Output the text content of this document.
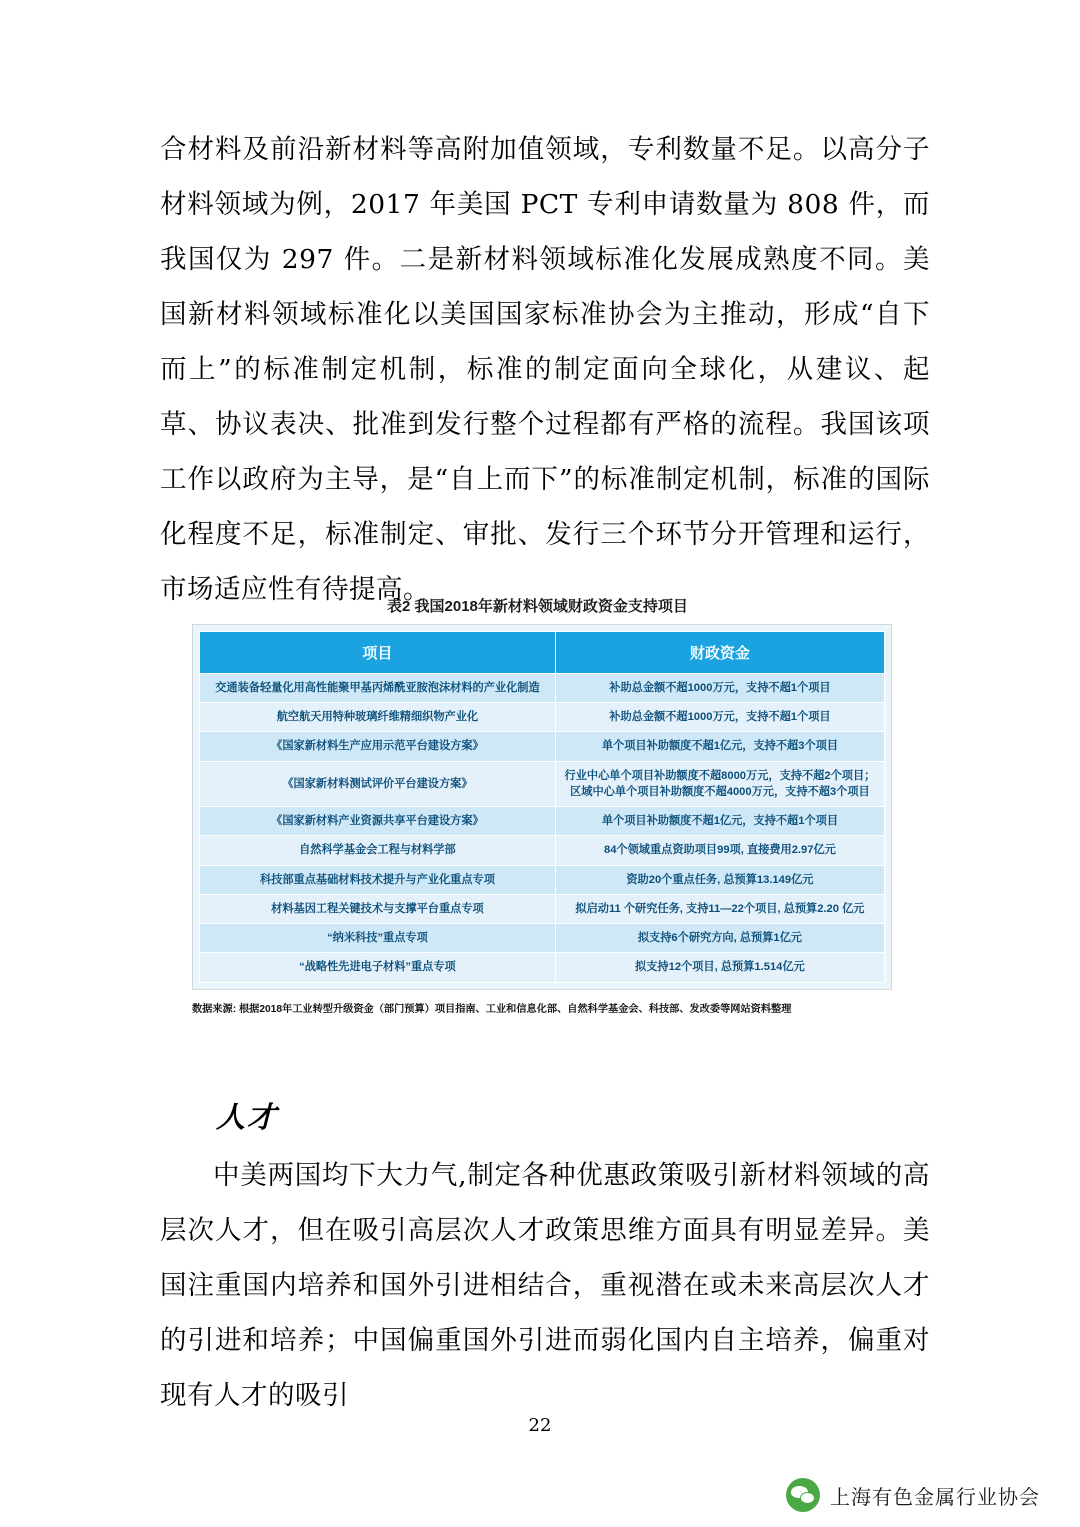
合材料及前沿新材料等高附加值领域，专利数量不足。以高分子材料领域为例，2017 年美国 PCT 专利申请数量为 808 件，而我国仅为 297 件。二是新材料领域标准化发展成熟度不同。美国新材料领域标准化以美国国家标准协会为主推动，形成“自下而上”的标准制定机制，标准的制定面向全球化，从建议、起草、协议表决、批准到发行整个过程都有严格的流程。我国该项工作以政府为主导，是“自上而下”的标准制定机制，标准的国际化程度不足，标准制定、审批、发行三个环节分开管理和运行，市场适应性有待提高。

表2 我国2018年新材料领域财政资金支持项目
项目	财政资金
交通装备轻量化用高性能聚甲基丙烯酰亚胺泡沫材料的产业化制造	补助总金额不超1000万元，支持不超1个项目
航空航天用特种玻璃纤维精细织物产业化	补助总金额不超1000万元，支持不超1个项目
《国家新材料生产应用示范平台建设方案》	单个项目补助额度不超1亿元，支持不超3个项目
《国家新材料测试评价平台建设方案》	行业中心单个项目补助额度不超8000万元，支持不超2个项目；区域中心单个项目补助额度不超4000万元，支持不超3个项目
《国家新材料产业资源共享平台建设方案》	单个项目补助额度不超1亿元，支持不超1个项目
自然科学基金会工程与材料学部	84个领域重点资助项目99项, 直接费用2.97亿元
科技部重点基础材料技术提升与产业化重点专项	资助20个重点任务, 总预算13.149亿元
材料基因工程关键技术与支撑平台重点专项	拟启动11 个研究任务, 支持11—22个项目, 总预算2.20 亿元
“纳米科技”重点专项	拟支持6个研究方向, 总预算1亿元
“战略性先进电子材料”重点专项	拟支持12个项目, 总预算1.514亿元
数据来源: 根据2018年工业转型升级资金（部门预算）项目指南、工业和信息化部、自然科学基金会、科技部、发改委等网站资料整理
人才

中美两国均下大力气,制定各种优惠政策吸引新材料领域的高层次人才，但在吸引高层次人才政策思维方面具有明显差异。美国注重国内培养和国外引进相结合，重视潜在或未来高层次人才的引进和培养；中国偏重国外引进而弱化国内自主培养，偏重对现有人才的吸引

22
上海有色金属行业协会
